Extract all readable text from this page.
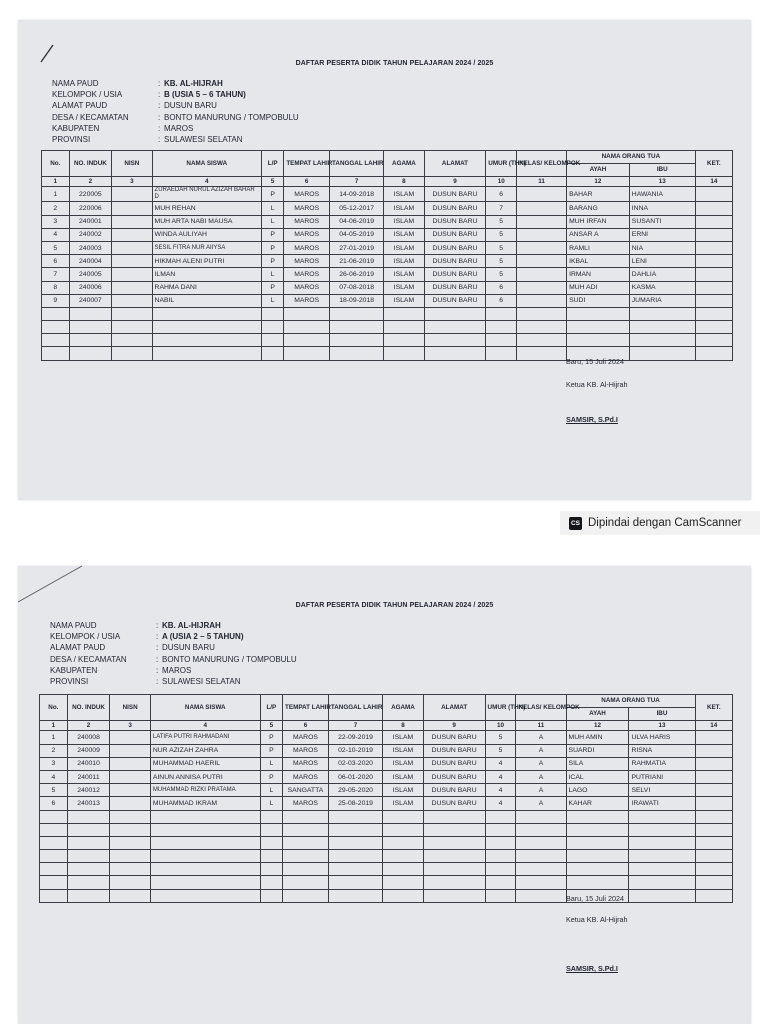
DAFTAR PESERTA DIDIK TAHUN PELAJARAN 2024 / 2025
NAMA PAUD	: KB. AL-HIJRAH
KELOMPOK / USIA	: B (USIA 5 – 6 TAHUN)
ALAMAT PAUD	: DUSUN BARU
DESA / KECAMATAN	: BONTO MANURUNG / TOMPOBULU
KABUPATEN	: MAROS
PROVINSI	: SULAWESI SELATAN
No.	NO. INDUK	NISN	NAMA SISWA	L/P	TEMPAT LAHIR	TANGGAL LAHIR	AGAMA	ALAMAT	UMUR (THN)	KELAS/ KELOMPOK	NAMA ORANG TUA		KET.
											AYAH	IBU	
1	2	3	4	5	6	7	8	9	10	11	12	13	14
1	220005		ZURAEDAH NURUL AZIZAH BAHAR D	P	MAROS	14-09-2018	ISLAM	DUSUN BARU	6		BAHAR	HAWANIA	
2	220006		MUH REHAN	L	MAROS	05-12-2017	ISLAM	DUSUN BARU	7		BARANG	INNA	
3	240001		MUH ARTA NABI MAUSA	L	MAROS	04-06-2019	ISLAM	DUSUN BARU	5		MUH IRFAN	SUSANTI	
4	240002		WINDA AULIYAH	P	MAROS	04-05-2019	ISLAM	DUSUN BARU	5		ANSAR A	ERNI	
5	240003		SESIL FITRA NUR AIIYSA	P	MAROS	27-01-2019	ISLAM	DUSUN BARU	5		RAMLI	NIA	
6	240004		HIKMAH ALENI PUTRI	P	MAROS	21-06-2019	ISLAM	DUSUN BARU	5		IKBAL	LENI	
7	240005		ILMAN	L	MAROS	26-06-2019	ISLAM	DUSUN BARU	5		IRMAN	DAHLIA	
8	240006		RAHMA DANI	P	MAROS	07-08-2018	ISLAM	DUSUN BARU	6		MUH ADI	KASMA	
9	240007		NABIL	L	MAROS	18-09-2018	ISLAM	DUSUN BARU	6		SUDI	JUMARIA	

Baru, 15 Juli 2024
Ketua KB. Al-Hijrah
SAMSIR, S.Pd.I
CS Dipindai dengan CamScanner
DAFTAR PESERTA DIDIK TAHUN PELAJARAN 2024 / 2025
NAMA PAUD	: KB. AL-HIJRAH
KELOMPOK / USIA	: A (USIA 2 – 5 TAHUN)
ALAMAT PAUD	: DUSUN BARU
DESA / KECAMATAN	: BONTO MANURUNG / TOMPOBULU
KABUPATEN	: MAROS
PROVINSI	: SULAWESI SELATAN
No.	NO. INDUK	NISN	NAMA SISWA	L/P	TEMPAT LAHIR	TANGGAL LAHIR	AGAMA	ALAMAT	UMUR (THN)	KELAS/ KELOMPOK	NAMA ORANG TUA		KET.
											AYAH	IBU	
1	2	3	4	5	6	7	8	9	10	11	12	13	14
1	240008		LATIFA PUTRI RAHMADANI	P	MAROS	22-09-2019	ISLAM	DUSUN BARU	5	A	MUH AMIN	ULVA HARIS	
2	240009		NUR AZIZAH ZAHRA	P	MAROS	02-10-2019	ISLAM	DUSUN BARU	5	A	SUARDI	RISNA	
3	240010		MUHAMMAD HAERIL	L	MAROS	02-03-2020	ISLAM	DUSUN BARU	4	A	SILA	RAHMATIA	
4	240011		AINUN ANNISA PUTRI	P	MAROS	06-01-2020	ISLAM	DUSUN BARU	4	A	ICAL	PUTRIANI	
5	240012		MUHAMMAD RIZKI PRATAMA	L	SANGATTA	29-05-2020	ISLAM	DUSUN BARU	4	A	LAGO	SELVI	
6	240013		MUHAMMAD IKRAM	L	MAROS	25-08-2019	ISLAM	DUSUN BARU	4	A	KAHAR	IRAWATI	

Baru, 15 Juli 2024
Ketua KB. Al-Hijrah
SAMSIR, S.Pd.I
